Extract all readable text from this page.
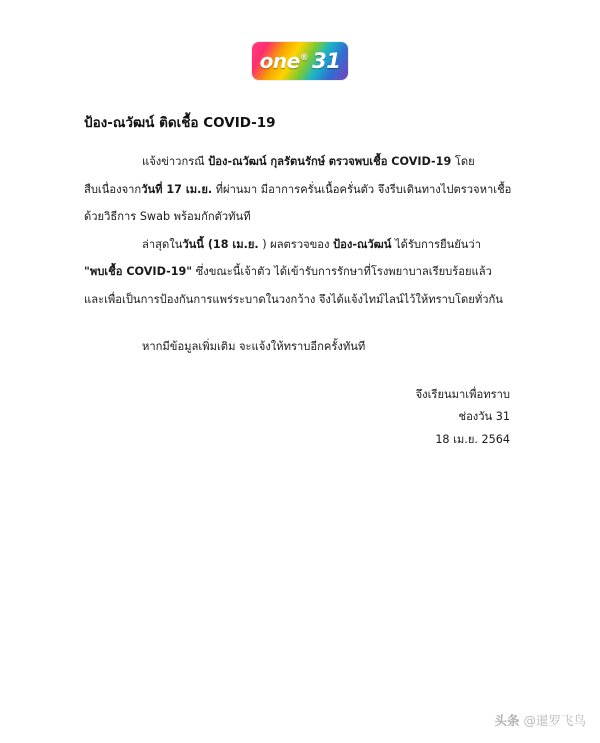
one ® 31
ป้อง-ณวัฒน์ ติดเชื้อ COVID-19

แจ้งข่าวกรณี ป้อง-ณวัฒน์ กุลรัตนรักษ์ ตรวจพบเชื้อ COVID-19 โดย

สืบเนื่องจากวันที่ 17 เม.ย. ที่ผ่านมา มีอาการครั่นเนื้อครั่นตัว จึงรีบเดินทางไปตรวจหาเชื้อ

ด้วยวิธีการ Swab พร้อมกักตัวทันที

ล่าสุดในวันนี้ (18 เม.ย. ) ผลตรวจของ ป้อง-ณวัฒน์ ได้รับการยืนยันว่า

"พบเชื้อ COVID-19" ซึ่งขณะนี้เจ้าตัว ได้เข้ารับการรักษาที่โรงพยาบาลเรียบร้อยแล้ว

และเพื่อเป็นการป้องกันการแพร่ระบาดในวงกว้าง จึงได้แจ้งไทม์ไลน์ไว้ให้ทราบโดยทั่วกัน

หากมีข้อมูลเพิ่มเติม จะแจ้งให้ทราบอีกครั้งทันที

จึงเรียนมาเพื่อทราบ
ช่องวัน 31
18 เม.ย. 2564
头条 @暹罗飞鸟
